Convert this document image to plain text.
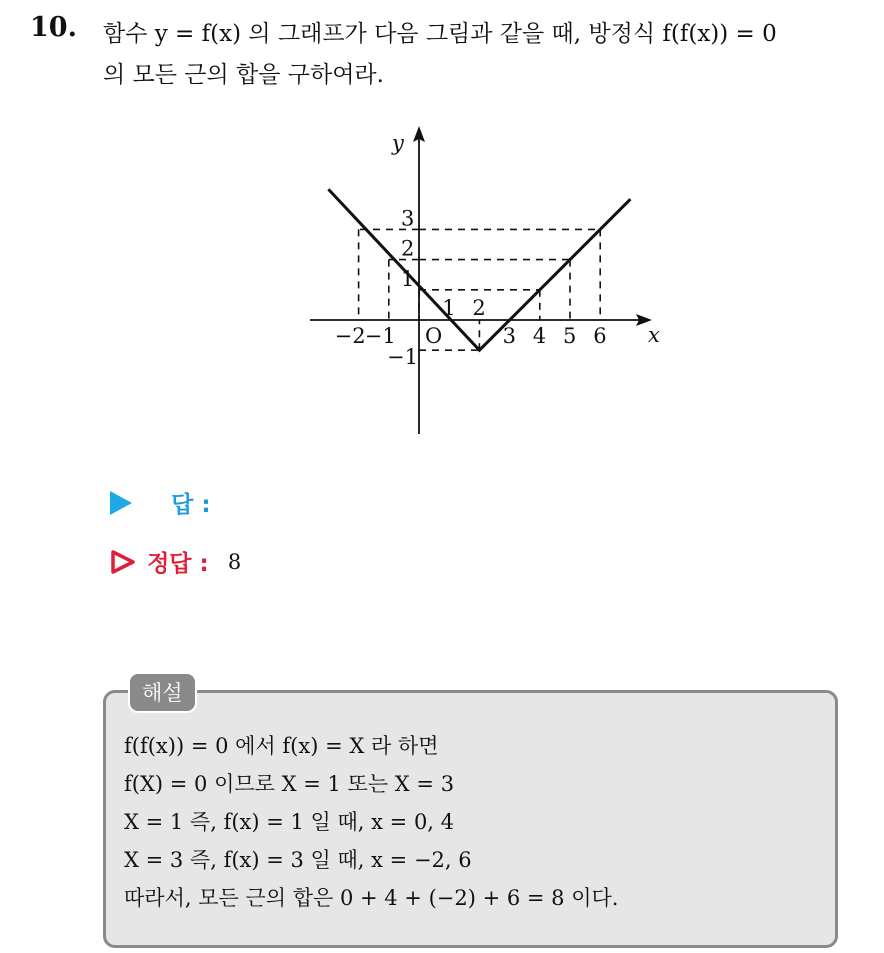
10. 함수 y = f(x) 의 그래프가 다음 그림과 같을 때, 방정식 f(f(x)) = 0
의 모든 근의 합을 구하여라.
x
y
O
−2 −1
1 2
3 4 5 6
3
2
1
−1
답 :
정답 : 8
해설
f(f(x)) = 0 에서 f(x) = X 라 하면
f(X) = 0 이므로 X = 1 또는 X = 3
X = 1 즉, f(x) = 1 일 때, x = 0, 4
X = 3 즉, f(x) = 3 일 때, x = −2, 6
따라서, 모든 근의 합은 0 + 4 + (−2) + 6 = 8 이다.
